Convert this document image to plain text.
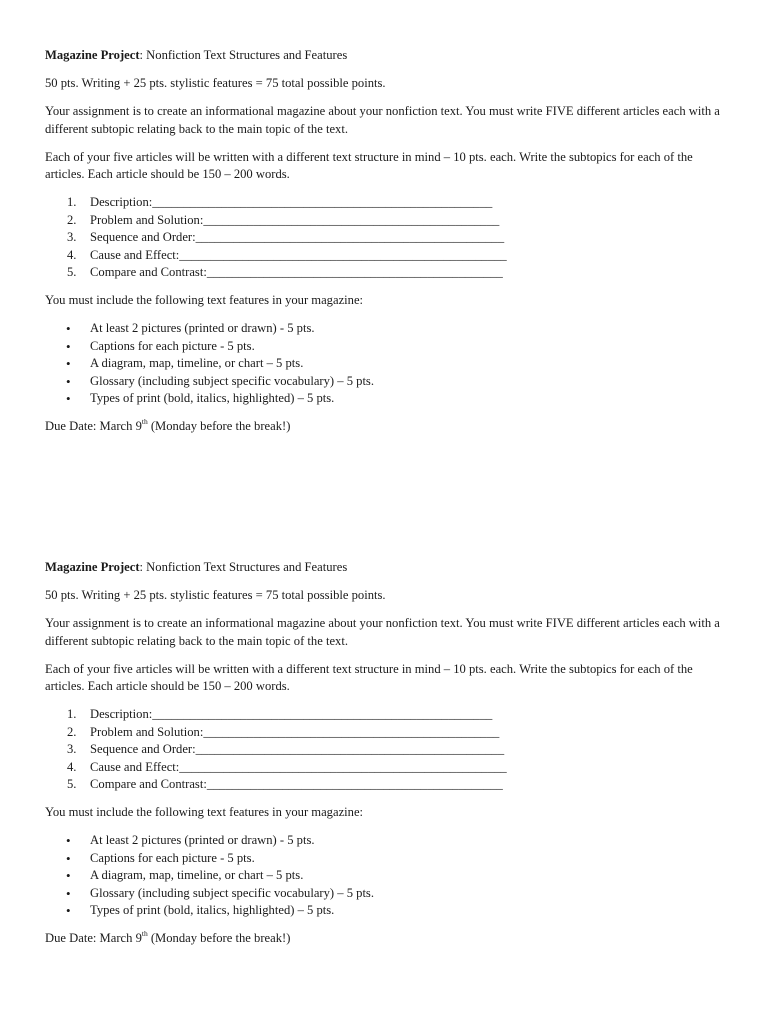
Magazine Project: Nonfiction Text Structures and Features

50 pts. Writing + 25 pts. stylistic features = 75 total possible points.

Your assignment is to create an informational magazine about your nonfiction text. You must write FIVE different articles each with a different subtopic relating back to the main topic of the text.

Each of your five articles will be written with a different text structure in mind – 10 pts. each. Write the subtopics for each of the articles. Each article should be 150 – 200 words.

1. Description:______________________________________________________
2. Problem and Solution:_______________________________________________
3. Sequence and Order:_________________________________________________
4. Cause and Effect:____________________________________________________
5. Compare and Contrast:_______________________________________________

You must include the following text features in your magazine:

• At least 2 pictures (printed or drawn) - 5 pts.
• Captions for each picture - 5 pts.
• A diagram, map, timeline, or chart – 5 pts.
• Glossary (including subject specific vocabulary) – 5 pts.
• Types of print (bold, italics, highlighted) – 5 pts.

Due Date: March 9th (Monday before the break!)

Magazine Project: Nonfiction Text Structures and Features

50 pts. Writing + 25 pts. stylistic features = 75 total possible points.

Your assignment is to create an informational magazine about your nonfiction text. You must write FIVE different articles each with a different subtopic relating back to the main topic of the text.

Each of your five articles will be written with a different text structure in mind – 10 pts. each. Write the subtopics for each of the articles. Each article should be 150 – 200 words.

1. Description:______________________________________________________
2. Problem and Solution:_______________________________________________
3. Sequence and Order:_________________________________________________
4. Cause and Effect:____________________________________________________
5. Compare and Contrast:_______________________________________________

You must include the following text features in your magazine:

• At least 2 pictures (printed or drawn) - 5 pts.
• Captions for each picture - 5 pts.
• A diagram, map, timeline, or chart – 5 pts.
• Glossary (including subject specific vocabulary) – 5 pts.
• Types of print (bold, italics, highlighted) – 5 pts.

Due Date: March 9th (Monday before the break!)
